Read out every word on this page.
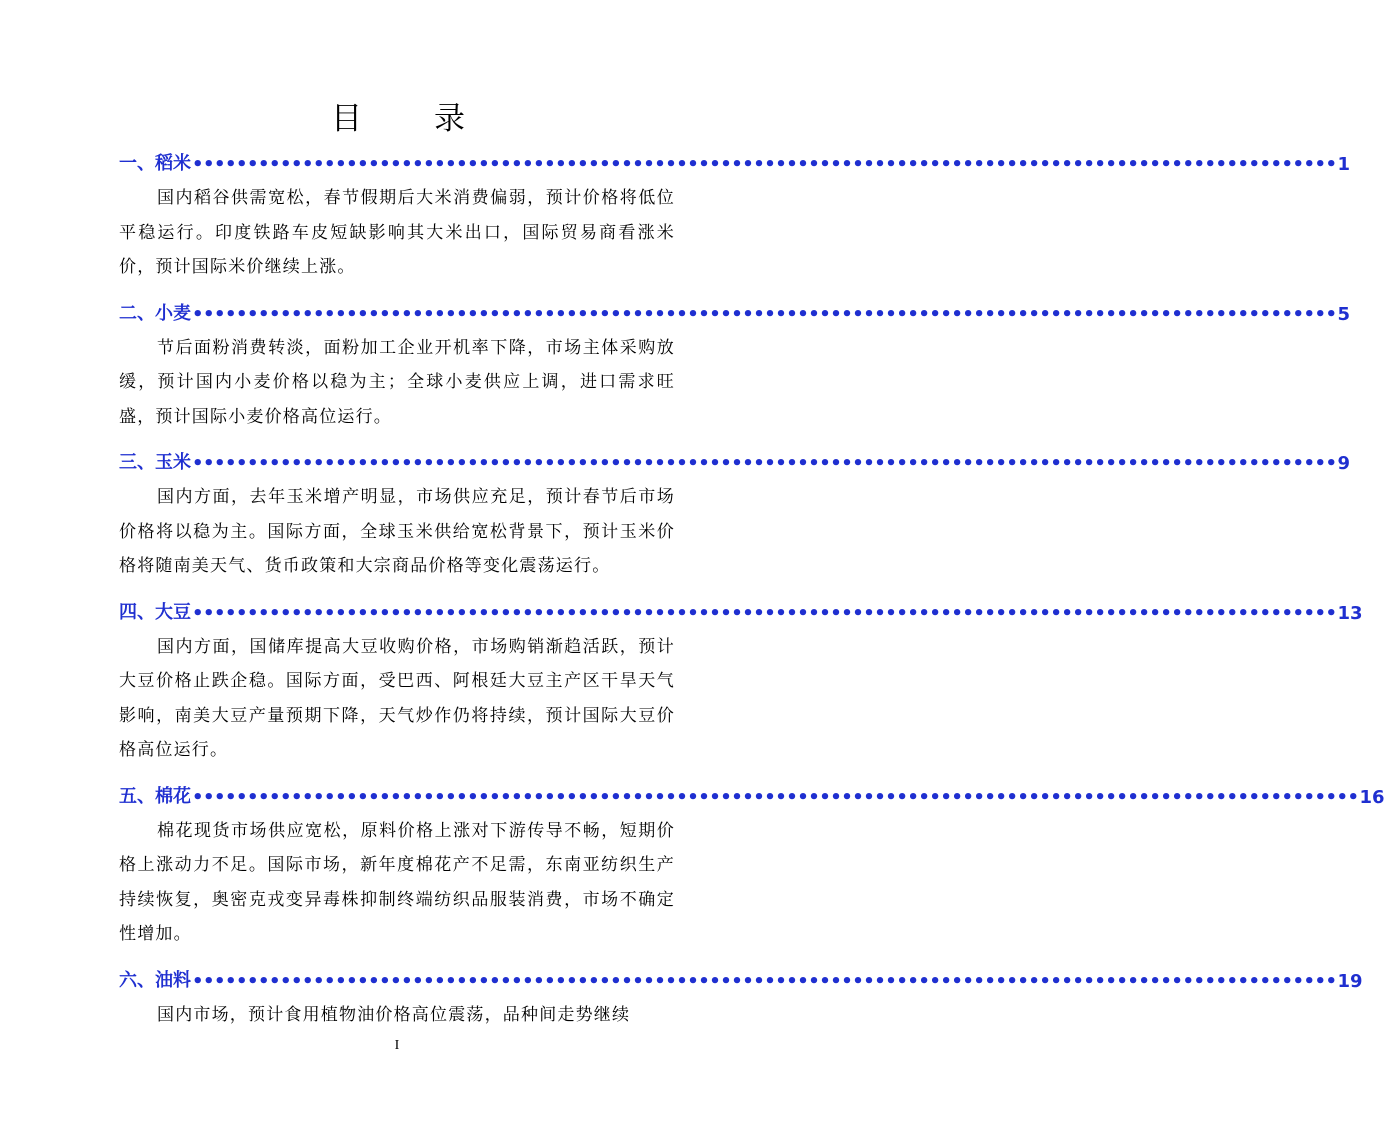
目 录
一、稻米 •••••••••••••••••••••••••••••••••••••••••••••••••••••••••••••••••••••••••••••••••••••••••••••••••••••••• 1

国内稻谷供需宽松，春节假期后大米消费偏弱，预计价格将低位平稳运行。印度铁路车皮短缺影响其大米出口，国际贸易商看涨米价，预计国际米价继续上涨。

二、小麦 •••••••••••••••••••••••••••••••••••••••••••••••••••••••••••••••••••••••••••••••••••••••••••••••••••••••• 5

节后面粉消费转淡，面粉加工企业开机率下降，市场主体采购放缓，预计国内小麦价格以稳为主；全球小麦供应上调，进口需求旺盛，预计国际小麦价格高位运行。

三、玉米 •••••••••••••••••••••••••••••••••••••••••••••••••••••••••••••••••••••••••••••••••••••••••••••••••••••••• 9

国内方面，去年玉米增产明显，市场供应充足，预计春节后市场价格将以稳为主。国际方面，全球玉米供给宽松背景下，预计玉米价格将随南美天气、货币政策和大宗商品价格等变化震荡运行。

四、大豆 •••••••••••••••••••••••••••••••••••••••••••••••••••••••••••••••••••••••••••••••••••••••••••••••••••••••• 13

国内方面，国储库提高大豆收购价格，市场购销渐趋活跃，预计大豆价格止跌企稳。国际方面，受巴西、阿根廷大豆主产区干旱天气影响，南美大豆产量预期下降，天气炒作仍将持续，预计国际大豆价格高位运行。

五、棉花 •••••••••••••••••••••••••••••••••••••••••••••••••••••••••••••••••••••••••••••••••••••••••••••••••••••••••• 16

棉花现货市场供应宽松，原料价格上涨对下游传导不畅，短期价格上涨动力不足。国际市场，新年度棉花产不足需，东南亚纺织生产持续恢复，奥密克戎变异毒株抑制终端纺织品服装消费，市场不确定性增加。

六、油料 •••••••••••••••••••••••••••••••••••••••••••••••••••••••••••••••••••••••••••••••••••••••••••••••••••••••• 19

国内市场，预计食用植物油价格高位震荡，品种间走势继续

I
